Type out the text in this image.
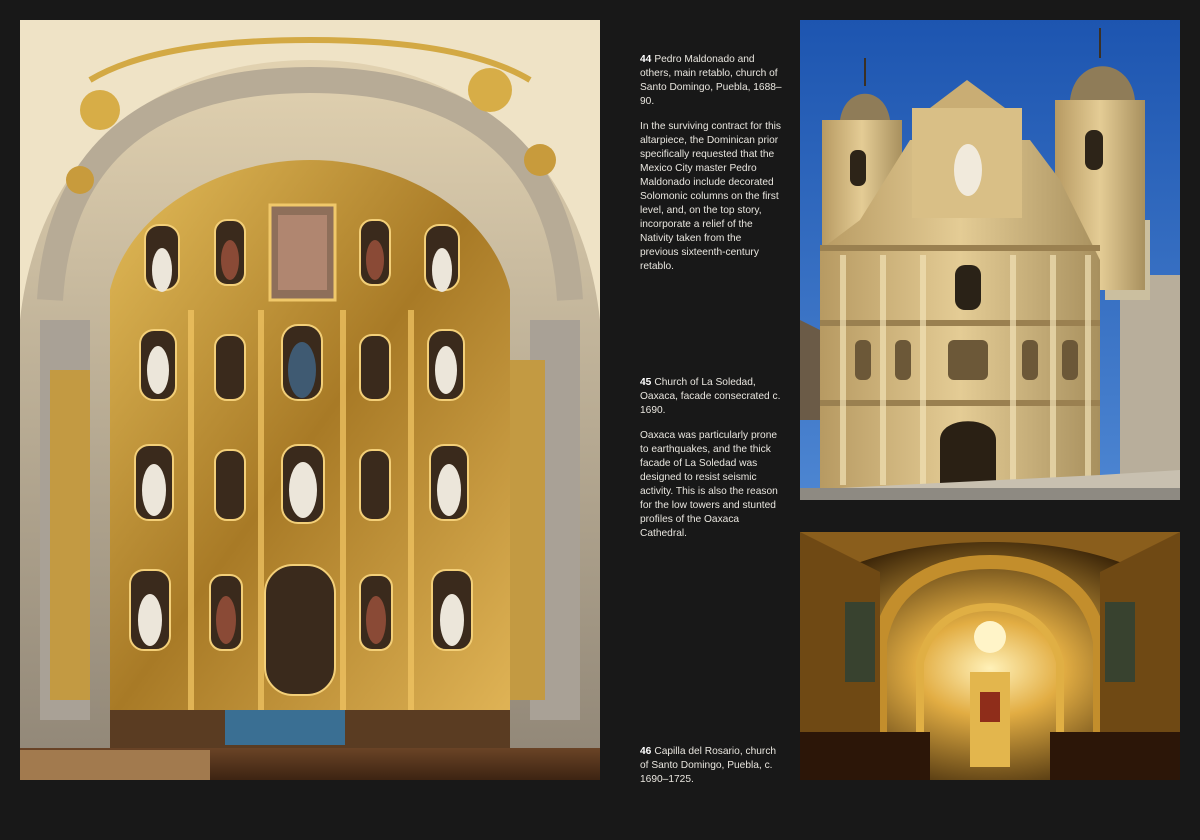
44 Pedro Maldonado and others, main retablo, church of Santo Domingo, Puebla, 1688–90.

In the surviving contract for this altarpiece, the Dominican prior specifically requested that the Mexico City master Pedro Maldonado include decorated Solomonic columns on the first level, and, on the top story, incorporate a relief of the Nativity taken from the previous sixteenth-century retablo.

45 Church of La Soledad, Oaxaca, facade consecrated c. 1690.

Oaxaca was particularly prone to earthquakes, and the thick facade of La Soledad was designed to resist seismic activity. This is also the reason for the low towers and stunted profiles of the Oaxaca Cathedral.

46 Capilla del Rosario, church of Santo Domingo, Puebla, c. 1690–1725.
